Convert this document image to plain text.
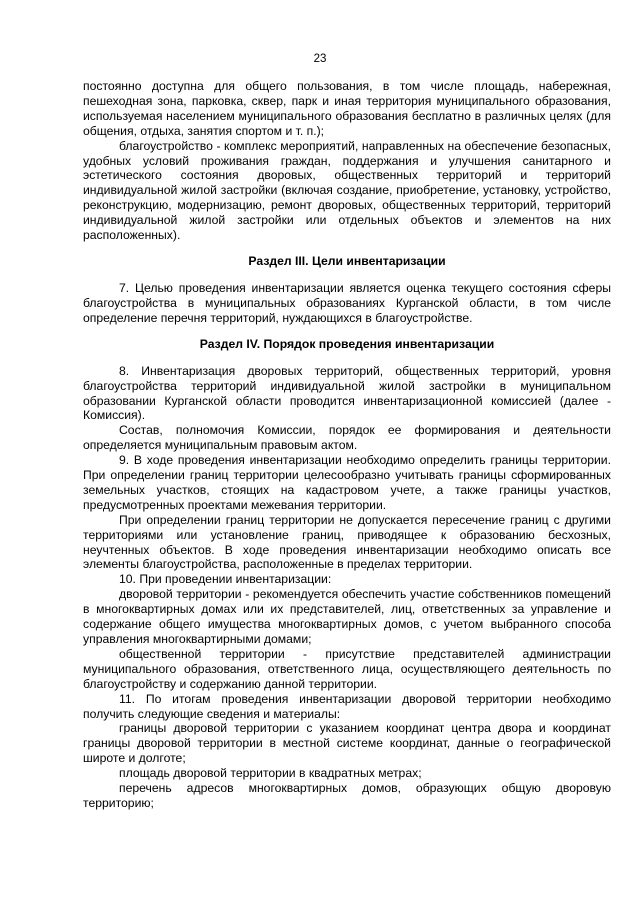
23

постоянно доступна для общего пользования, в том числе площадь, набережная, пешеходная зона, парковка, сквер, парк и иная территория муниципального образования, используемая населением муниципального образования бесплатно в различных целях (для общения, отдыха, занятия спортом и т. п.);

благоустройство - комплекс мероприятий, направленных на обеспечение безопасных, удобных условий проживания граждан, поддержания и улучшения санитарного и эстетического состояния дворовых, общественных территорий и территорий индивидуальной жилой застройки (включая создание, приобретение, установку, устройство, реконструкцию, модернизацию, ремонт дворовых, общественных территорий, территорий индивидуальной жилой застройки или отдельных объектов и элементов на них расположенных).

Раздел III. Цели инвентаризации

7. Целью проведения инвентаризации является оценка текущего состояния сферы благоустройства в муниципальных образованиях Курганской области, в том числе определение перечня территорий, нуждающихся в благоустройстве.

Раздел IV. Порядок проведения инвентаризации

8. Инвентаризация дворовых территорий, общественных территорий, уровня благоустройства территорий индивидуальной жилой застройки в муниципальном образовании Курганской области проводится инвентаризационной комиссией (далее - Комиссия).

Состав, полномочия Комиссии, порядок ее формирования и деятельности определяется муниципальным правовым актом.

9. В ходе проведения инвентаризации необходимо определить границы территории. При определении границ территории целесообразно учитывать границы сформированных земельных участков, стоящих на кадастровом учете, а также границы участков, предусмотренных проектами межевания территории.

При определении границ территории не допускается пересечение границ с другими территориями или установление границ, приводящее к образованию бесхозных, неучтенных объектов. В ходе проведения инвентаризации необходимо описать все элементы благоустройства, расположенные в пределах территории.

10. При проведении инвентаризации:

дворовой территории - рекомендуется обеспечить участие собственников помещений в многоквартирных домах или их представителей, лиц, ответственных за управление и содержание общего имущества многоквартирных домов, с учетом выбранного способа управления многоквартирными домами;

общественной территории - присутствие представителей администрации муниципального образования, ответственного лица, осуществляющего деятельность по благоустройству и содержанию данной территории.

11. По итогам проведения инвентаризации дворовой территории необходимо получить следующие сведения и материалы:

границы дворовой территории с указанием координат центра двора и координат границы дворовой территории в местной системе координат, данные о географической широте и долготе;

площадь дворовой территории в квадратных метрах;

перечень адресов многоквартирных домов, образующих общую дворовую территорию;
